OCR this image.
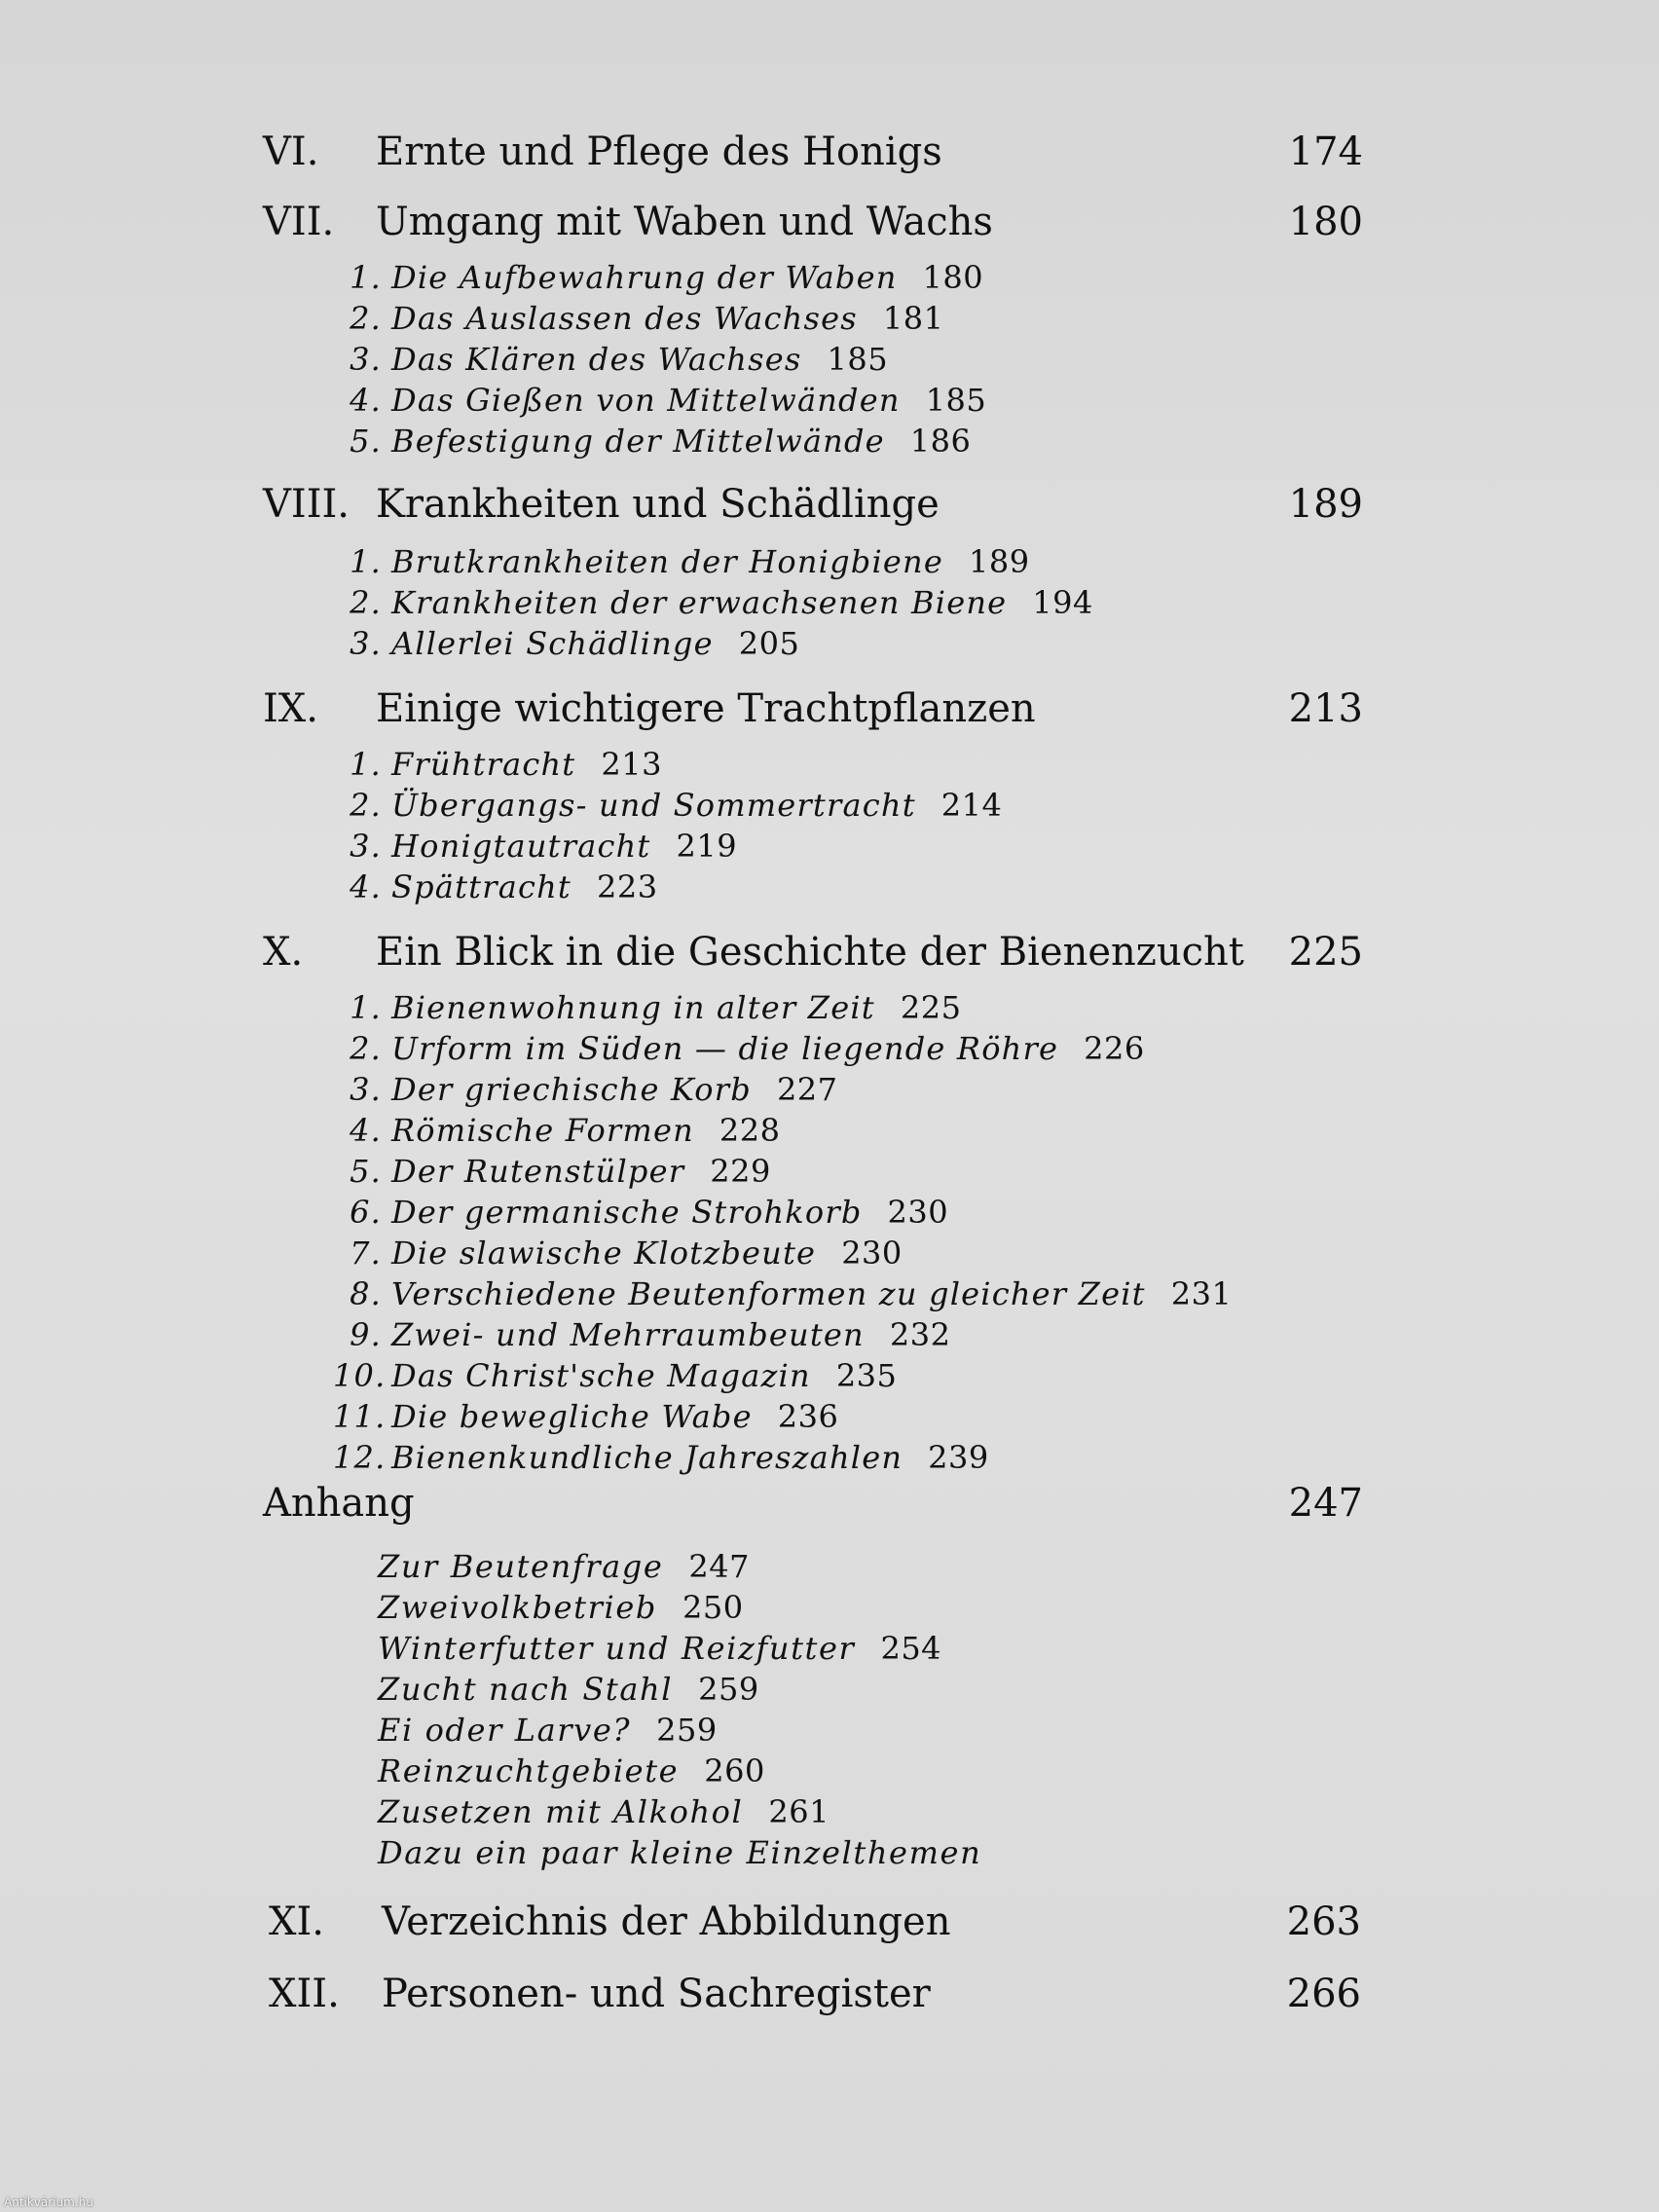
VI. Ernte und Pflege des Honigs	174
VII. Umgang mit Waben und Wachs	180
1. Die Aufbewahrung der Waben 180
2. Das Auslassen des Wachses 181
3. Das Klären des Wachses 185
4. Das Gießen von Mittelwänden 185
5. Befestigung der Mittelwände 186
VIII. Krankheiten und Schädlinge	189
1. Brutkrankheiten der Honigbiene 189
2. Krankheiten der erwachsenen Biene 194
3. Allerlei Schädlinge 205
IX. Einige wichtigere Trachtpflanzen	213
1. Frühtracht 213
2. Übergangs- und Sommertracht 214
3. Honigtautracht 219
4. Spättracht 223
X. Ein Blick in die Geschichte der Bienenzucht 225
1. Bienenwohnung in alter Zeit 225
2. Urform im Süden — die liegende Röhre 226
3. Der griechische Korb 227
4. Römische Formen 228
5. Der Rutenstülper 229
6. Der germanische Strohkorb 230
7. Die slawische Klotzbeute 230
8. Verschiedene Beutenformen zu gleicher Zeit 231
9. Zwei- und Mehrraumbeuten 232
10. Das Christ'sche Magazin 235
11. Die bewegliche Wabe 236
12. Bienenkundliche Jahreszahlen 239
Anhang	247
Zur Beutenfrage 247
Zweivolkbetrieb 250
Winterfutter und Reizfutter 254
Zucht nach Stahl 259
Ei oder Larve? 259
Reinzuchtgebiete 260
Zusetzen mit Alkohol 261
Dazu ein paar kleine Einzelthemen
XI. Verzeichnis der Abbildungen	263
XII. Personen- und Sachregister	266
Antikvárium.hu
